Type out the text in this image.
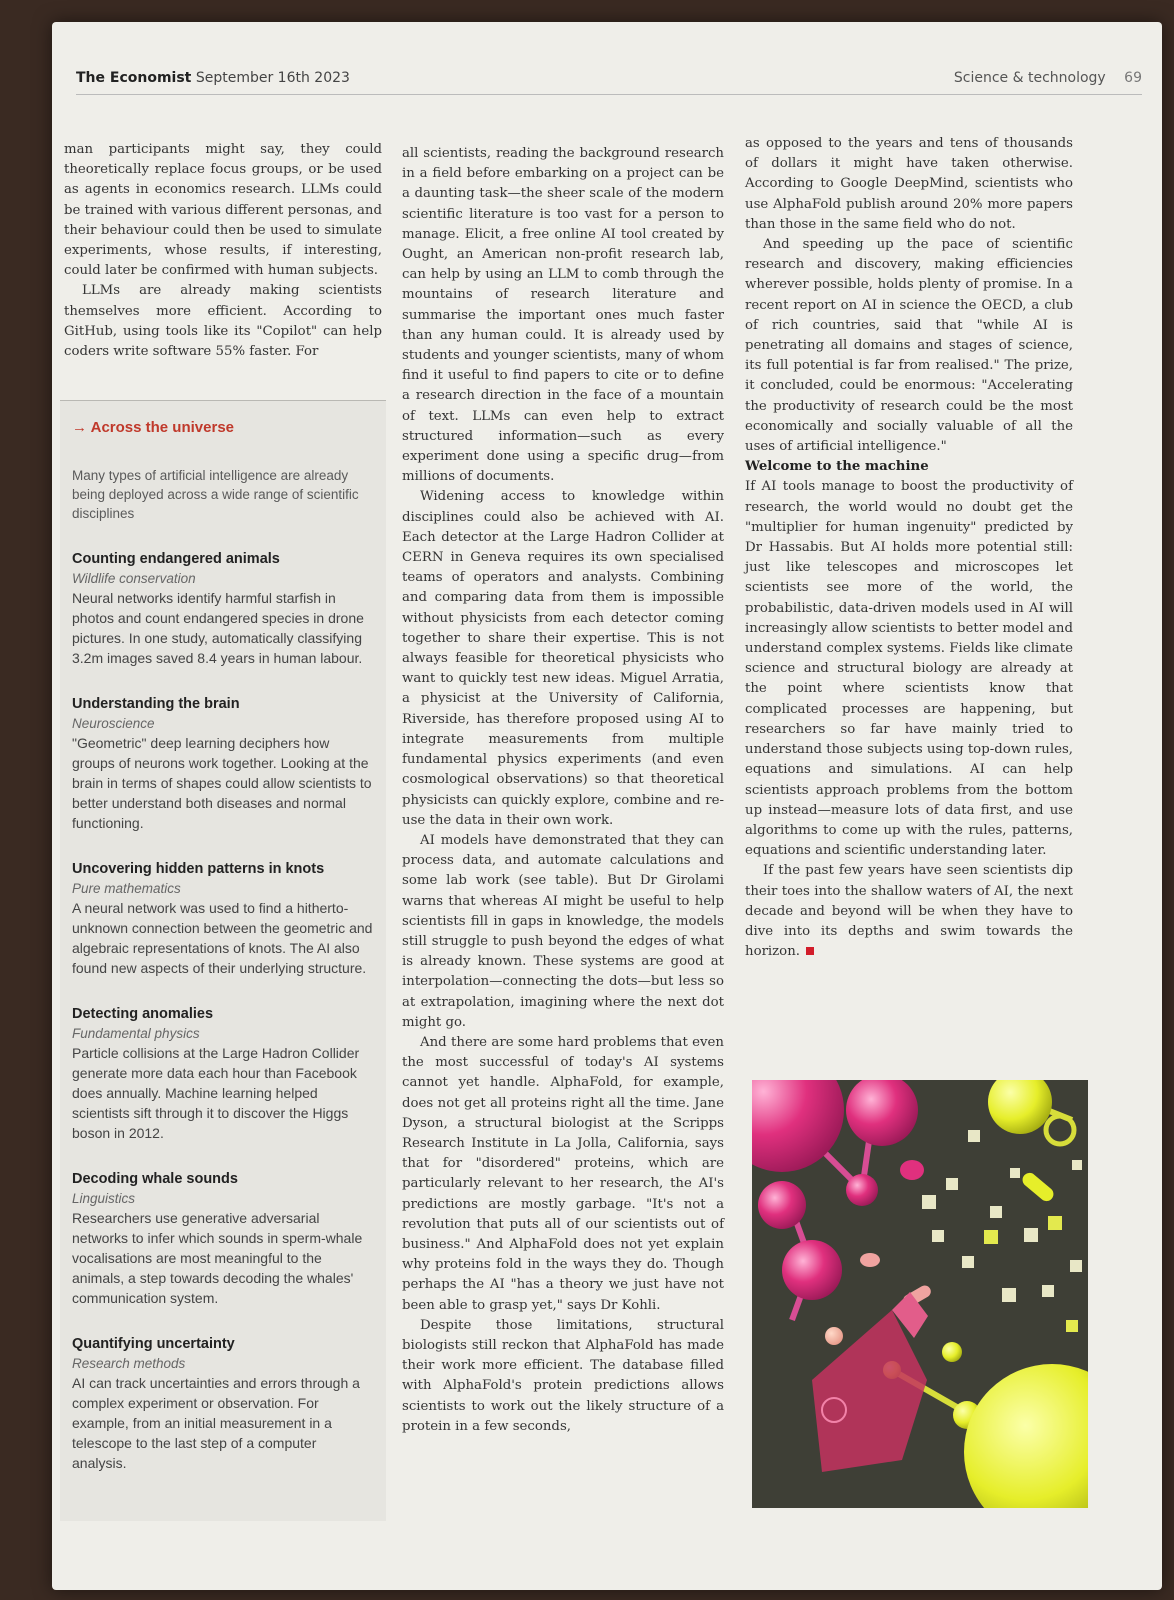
The Economist September 16th 2023	Science & technology 69

man participants might say, they could theoretically replace focus groups, or be used as agents in economics research. LLMs could be trained with various different personas, and their behaviour could then be used to simulate experiments, whose results, if interesting, could later be confirmed with human subjects.

LLMs are already making scientists themselves more efficient. According to GitHub, using tools like its "Copilot" can help coders write software 55% faster. For

→ Across the universe
Many types of artificial intelligence are already being deployed across a wide range of scientific disciplines
Counting endangered animals
Wildlife conservation
Neural networks identify harmful starfish in photos and count endangered species in drone pictures. In one study, automatically classifying 3.2m images saved 8.4 years in human labour.
Understanding the brain
Neuroscience
"Geometric" deep learning deciphers how groups of neurons work together. Looking at the brain in terms of shapes could allow scientists to better understand both diseases and normal functioning.
Uncovering hidden patterns in knots
Pure mathematics
A neural network was used to find a hitherto-unknown connection between the geometric and algebraic representations of knots. The AI also found new aspects of their underlying structure.
Detecting anomalies
Fundamental physics
Particle collisions at the Large Hadron Collider generate more data each hour than Facebook does annually. Machine learning helped scientists sift through it to discover the Higgs boson in 2012.
Decoding whale sounds
Linguistics
Researchers use generative adversarial networks to infer which sounds in sperm-whale vocalisations are most meaningful to the animals, a step towards decoding the whales' communication system.
Quantifying uncertainty
Research methods
AI can track uncertainties and errors through a complex experiment or observation. For example, from an initial measurement in a telescope to the last step of a computer analysis.

all scientists, reading the background research in a field before embarking on a project can be a daunting task—the sheer scale of the modern scientific literature is too vast for a person to manage. Elicit, a free online AI tool created by Ought, an American non-profit research lab, can help by using an LLM to comb through the mountains of research literature and summarise the important ones much faster than any human could. It is already used by students and younger scientists, many of whom find it useful to find papers to cite or to define a research direction in the face of a mountain of text. LLMs can even help to extract structured information—such as every experiment done using a specific drug—from millions of documents.

Widening access to knowledge within disciplines could also be achieved with AI. Each detector at the Large Hadron Collider at CERN in Geneva requires its own specialised teams of operators and analysts. Combining and comparing data from them is impossible without physicists from each detector coming together to share their expertise. This is not always feasible for theoretical physicists who want to quickly test new ideas. Miguel Arratia, a physicist at the University of California, Riverside, has therefore proposed using AI to integrate measurements from multiple fundamental physics experiments (and even cosmological observations) so that theoretical physicists can quickly explore, combine and re-use the data in their own work.

AI models have demonstrated that they can process data, and automate calculations and some lab work (see table). But Dr Girolami warns that whereas AI might be useful to help scientists fill in gaps in knowledge, the models still struggle to push beyond the edges of what is already known. These systems are good at interpolation—connecting the dots—but less so at extrapolation, imagining where the next dot might go.

And there are some hard problems that even the most successful of today's AI systems cannot yet handle. AlphaFold, for example, does not get all proteins right all the time. Jane Dyson, a structural biologist at the Scripps Research Institute in La Jolla, California, says that for "disordered" proteins, which are particularly relevant to her research, the AI's predictions are mostly garbage. "It's not a revolution that puts all of our scientists out of business." And AlphaFold does not yet explain why proteins fold in the ways they do. Though perhaps the AI "has a theory we just have not been able to grasp yet," says Dr Kohli.

Despite those limitations, structural biologists still reckon that AlphaFold has made their work more efficient. The database filled with AlphaFold's protein predictions allows scientists to work out the likely structure of a protein in a few seconds,

as opposed to the years and tens of thousands of dollars it might have taken otherwise. According to Google DeepMind, scientists who use AlphaFold publish around 20% more papers than those in the same field who do not.

And speeding up the pace of scientific research and discovery, making efficiencies wherever possible, holds plenty of promise. In a recent report on AI in science the OECD, a club of rich countries, said that "while AI is penetrating all domains and stages of science, its full potential is far from realised." The prize, it concluded, could be enormous: "Accelerating the productivity of research could be the most economically and socially valuable of all the uses of artificial intelligence."

Welcome to the machine

If AI tools manage to boost the productivity of research, the world would no doubt get the "multiplier for human ingenuity" predicted by Dr Hassabis. But AI holds more potential still: just like telescopes and microscopes let scientists see more of the world, the probabilistic, data-driven models used in AI will increasingly allow scientists to better model and understand complex systems. Fields like climate science and structural biology are already at the point where scientists know that complicated processes are happening, but researchers so far have mainly tried to understand those subjects using top-down rules, equations and simulations. AI can help scientists approach problems from the bottom up instead—measure lots of data first, and use algorithms to come up with the rules, patterns, equations and scientific understanding later.

If the past few years have seen scientists dip their toes into the shallow waters of AI, the next decade and beyond will be when they have to dive into its depths and swim towards the horizon.
